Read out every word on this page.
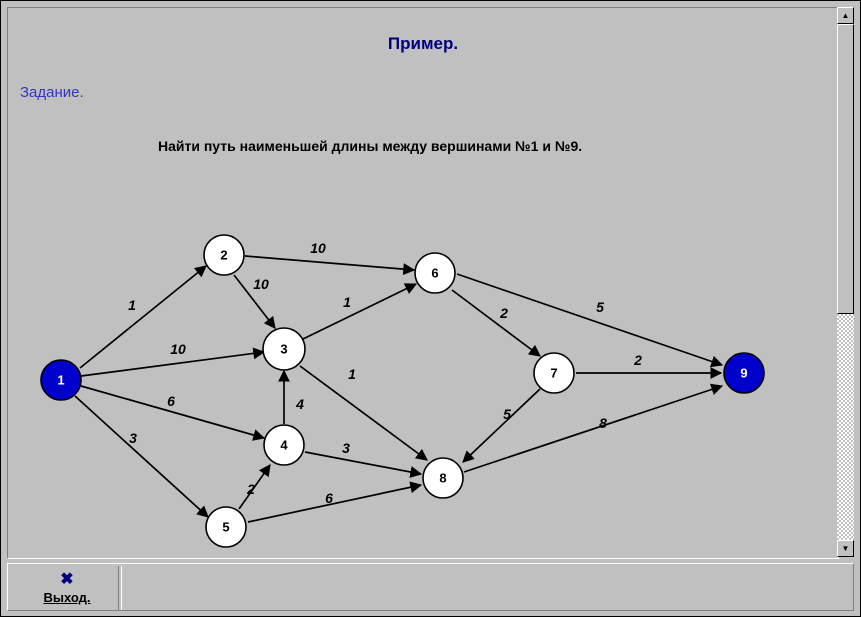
Пример.
Задание.
Найти путь наименьшей длины между вершинами №1 и №9.
1
10
6
3
10
10
1
1
4
3
2
6
2	5
5
2
8
1
2
3
4
5
6
7
8
9
▲
▼
✖
Выход.
